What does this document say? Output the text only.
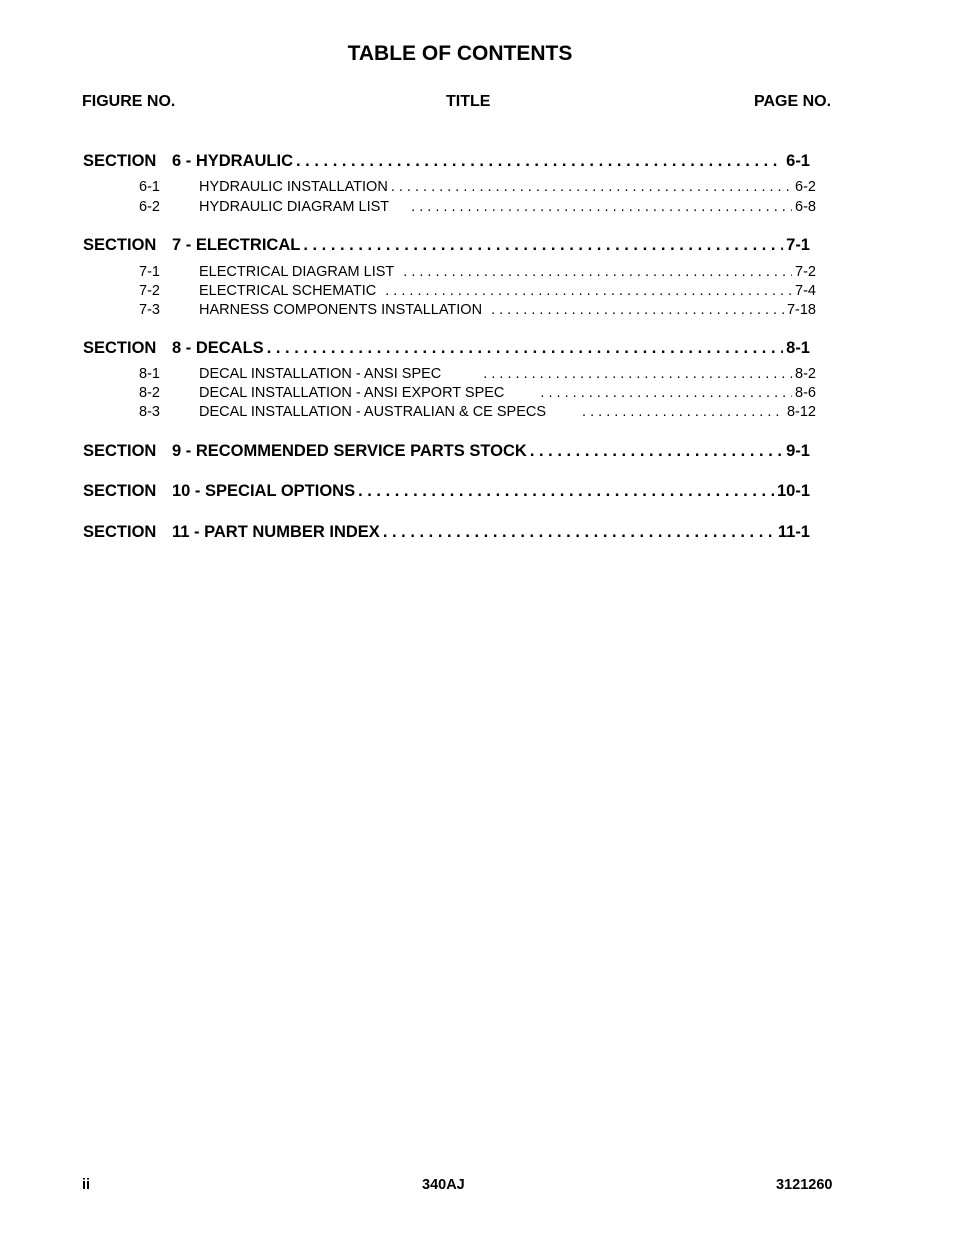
TABLE OF CONTENTS
FIGURE NO.	TITLE	PAGE NO.
SECTION 6 - HYDRAULIC . . .	6-1
6-1	HYDRAULIC INSTALLATION . . .	6-2
6-2	HYDRAULIC DIAGRAM LIST . . .	6-8
SECTION 7 - ELECTRICAL . . .	7-1
7-1	ELECTRICAL DIAGRAM LIST . . .	7-2
7-2	ELECTRICAL SCHEMATIC . . .	7-4
7-3	HARNESS COMPONENTS INSTALLATION . . .	7-18
SECTION 8 - DECALS . . .	8-1
8-1	DECAL INSTALLATION - ANSI SPEC . . .	8-2
8-2	DECAL INSTALLATION - ANSI EXPORT SPEC . . .	8-6
8-3	DECAL INSTALLATION - AUSTRALIAN & CE SPECS . . .	8-12
SECTION 9 - RECOMMENDED SERVICE PARTS STOCK . . .	9-1
SECTION 10 - SPECIAL OPTIONS . . .	10-1
SECTION 11 - PART NUMBER INDEX . . .	11-1
ii	340AJ	3121260
